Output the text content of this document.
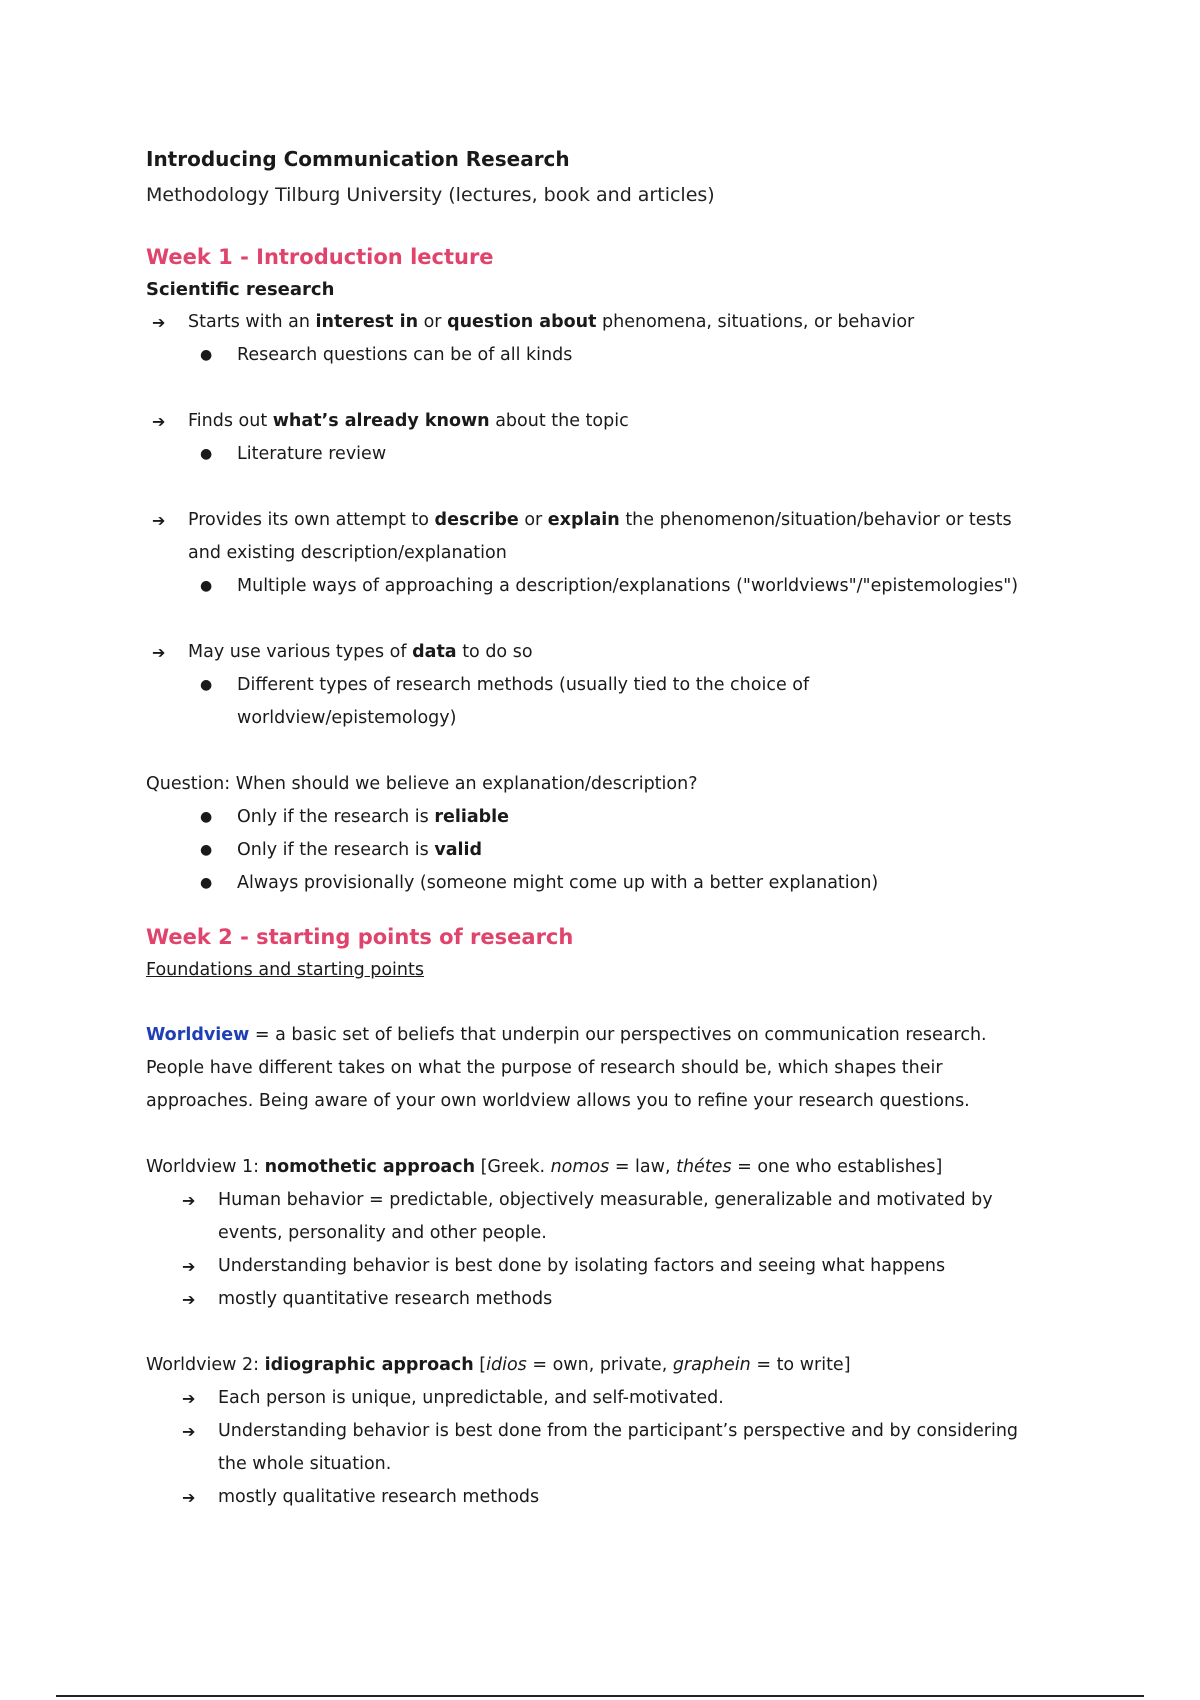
Introducing Communication Research

Methodology Tilburg University (lectures, book and articles)

Week 1 - Introduction lecture

Scientific research

➔ Starts with an interest in or question about phenomena, situations, or behavior
● Research questions can be of all kinds
➔ Finds out what’s already known about the topic
● Literature review
➔ Provides its own attempt to describe or explain the phenomenon/situation/behavior or tests
and existing description/explanation
● Multiple ways of approaching a description/explanations ("worldviews"/"epistemologies")
➔ May use various types of data to do so
● Different types of research methods (usually tied to the choice of
worldview/epistemology)
Question: When should we believe an explanation/description?
● Only if the research is reliable
● Only if the research is valid
● Always provisionally (someone might come up with a better explanation)

Week 2 - starting points of research

Foundations and starting points

Worldview = a basic set of beliefs that underpin our perspectives on communication research.
People have different takes on what the purpose of research should be, which shapes their
approaches. Being aware of your own worldview allows you to refine your research questions.
Worldview 1: nomothetic approach [Greek. nomos = law, thétes = one who establishes]
➔ Human behavior = predictable, objectively measurable, generalizable and motivated by
events, personality and other people.
➔ Understanding behavior is best done by isolating factors and seeing what happens
➔ mostly quantitative research methods
Worldview 2: idiographic approach [idios = own, private, graphein = to write]
➔ Each person is unique, unpredictable, and self-motivated.
➔ Understanding behavior is best done from the participant’s perspective and by considering
the whole situation.
➔ mostly qualitative research methods
